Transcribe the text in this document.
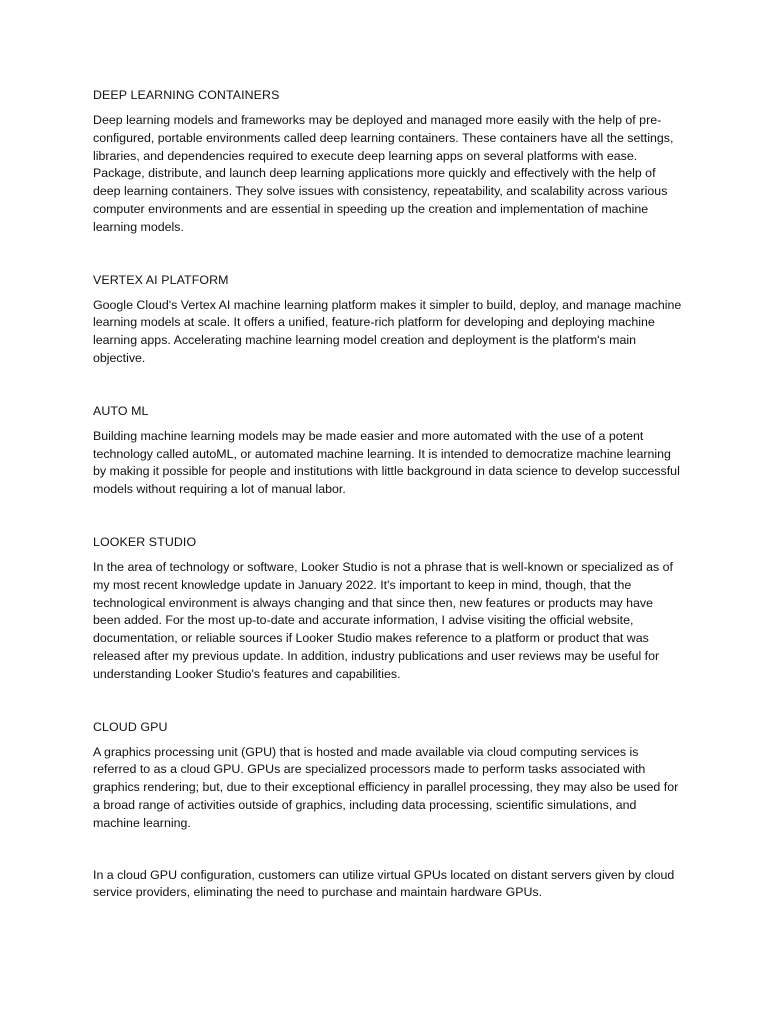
DEEP LEARNING CONTAINERS

Deep learning models and frameworks may be deployed and managed more easily with the help of pre-configured, portable environments called deep learning containers. These containers have all the settings, libraries, and dependencies required to execute deep learning apps on several platforms with ease. Package, distribute, and launch deep learning applications more quickly and effectively with the help of deep learning containers. They solve issues with consistency, repeatability, and scalability across various computer environments and are essential in speeding up the creation and implementation of machine learning models.

VERTEX AI PLATFORM

Google Cloud's Vertex AI machine learning platform makes it simpler to build, deploy, and manage machine learning models at scale. It offers a unified, feature-rich platform for developing and deploying machine learning apps. Accelerating machine learning model creation and deployment is the platform's main objective.

AUTO ML

Building machine learning models may be made easier and more automated with the use of a potent technology called autoML, or automated machine learning. It is intended to democratize machine learning by making it possible for people and institutions with little background in data science to develop successful models without requiring a lot of manual labor.

LOOKER STUDIO

In the area of technology or software, Looker Studio is not a phrase that is well-known or specialized as of my most recent knowledge update in January 2022. It's important to keep in mind, though, that the technological environment is always changing and that since then, new features or products may have been added. For the most up-to-date and accurate information, I advise visiting the official website, documentation, or reliable sources if Looker Studio makes reference to a platform or product that was released after my previous update. In addition, industry publications and user reviews may be useful for understanding Looker Studio's features and capabilities.

CLOUD GPU

A graphics processing unit (GPU) that is hosted and made available via cloud computing services is referred to as a cloud GPU. GPUs are specialized processors made to perform tasks associated with graphics rendering; but, due to their exceptional efficiency in parallel processing, they may also be used for a broad range of activities outside of graphics, including data processing, scientific simulations, and machine learning.

In a cloud GPU configuration, customers can utilize virtual GPUs located on distant servers given by cloud service providers, eliminating the need to purchase and maintain hardware GPUs.
